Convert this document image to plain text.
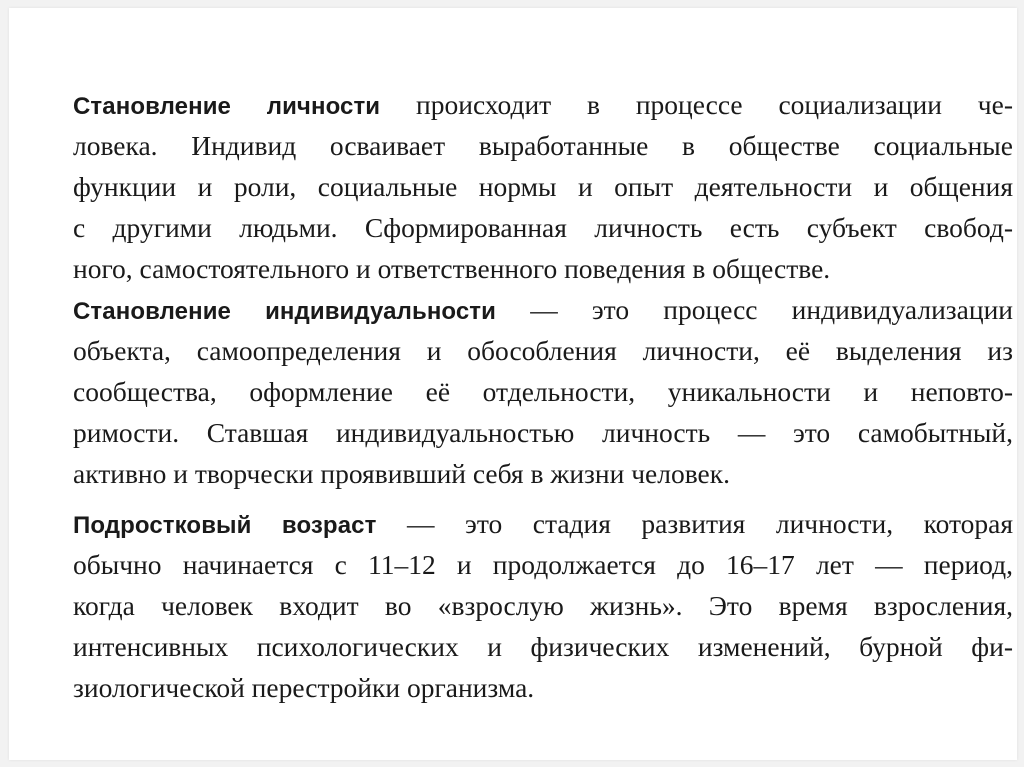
Становление личности происходит в процессе социализации че-
ловека. Индивид осваивает выработанные в обществе социальные
функции и роли, социальные нормы и опыт деятельности и общения
с другими людьми. Сформированная личность есть субъект свобод-
ного, самостоятельного и ответственного поведения в обществе.
Становление индивидуальности — это процесс индивидуализации
объекта, самоопределения и обособления личности, её выделения из
сообщества, оформление её отдельности, уникальности и неповто-
римости. Ставшая индивидуальностью личность — это самобытный,
активно и творчески проявивший себя в жизни человек.
Подростковый возраст — это стадия развития личности, которая
обычно начинается с 11–12 и продолжается до 16–17 лет — период,
когда человек входит во «взрослую жизнь». Это время взросления,
интенсивных психологических и физических изменений, бурной фи-
зиологической перестройки организма.
